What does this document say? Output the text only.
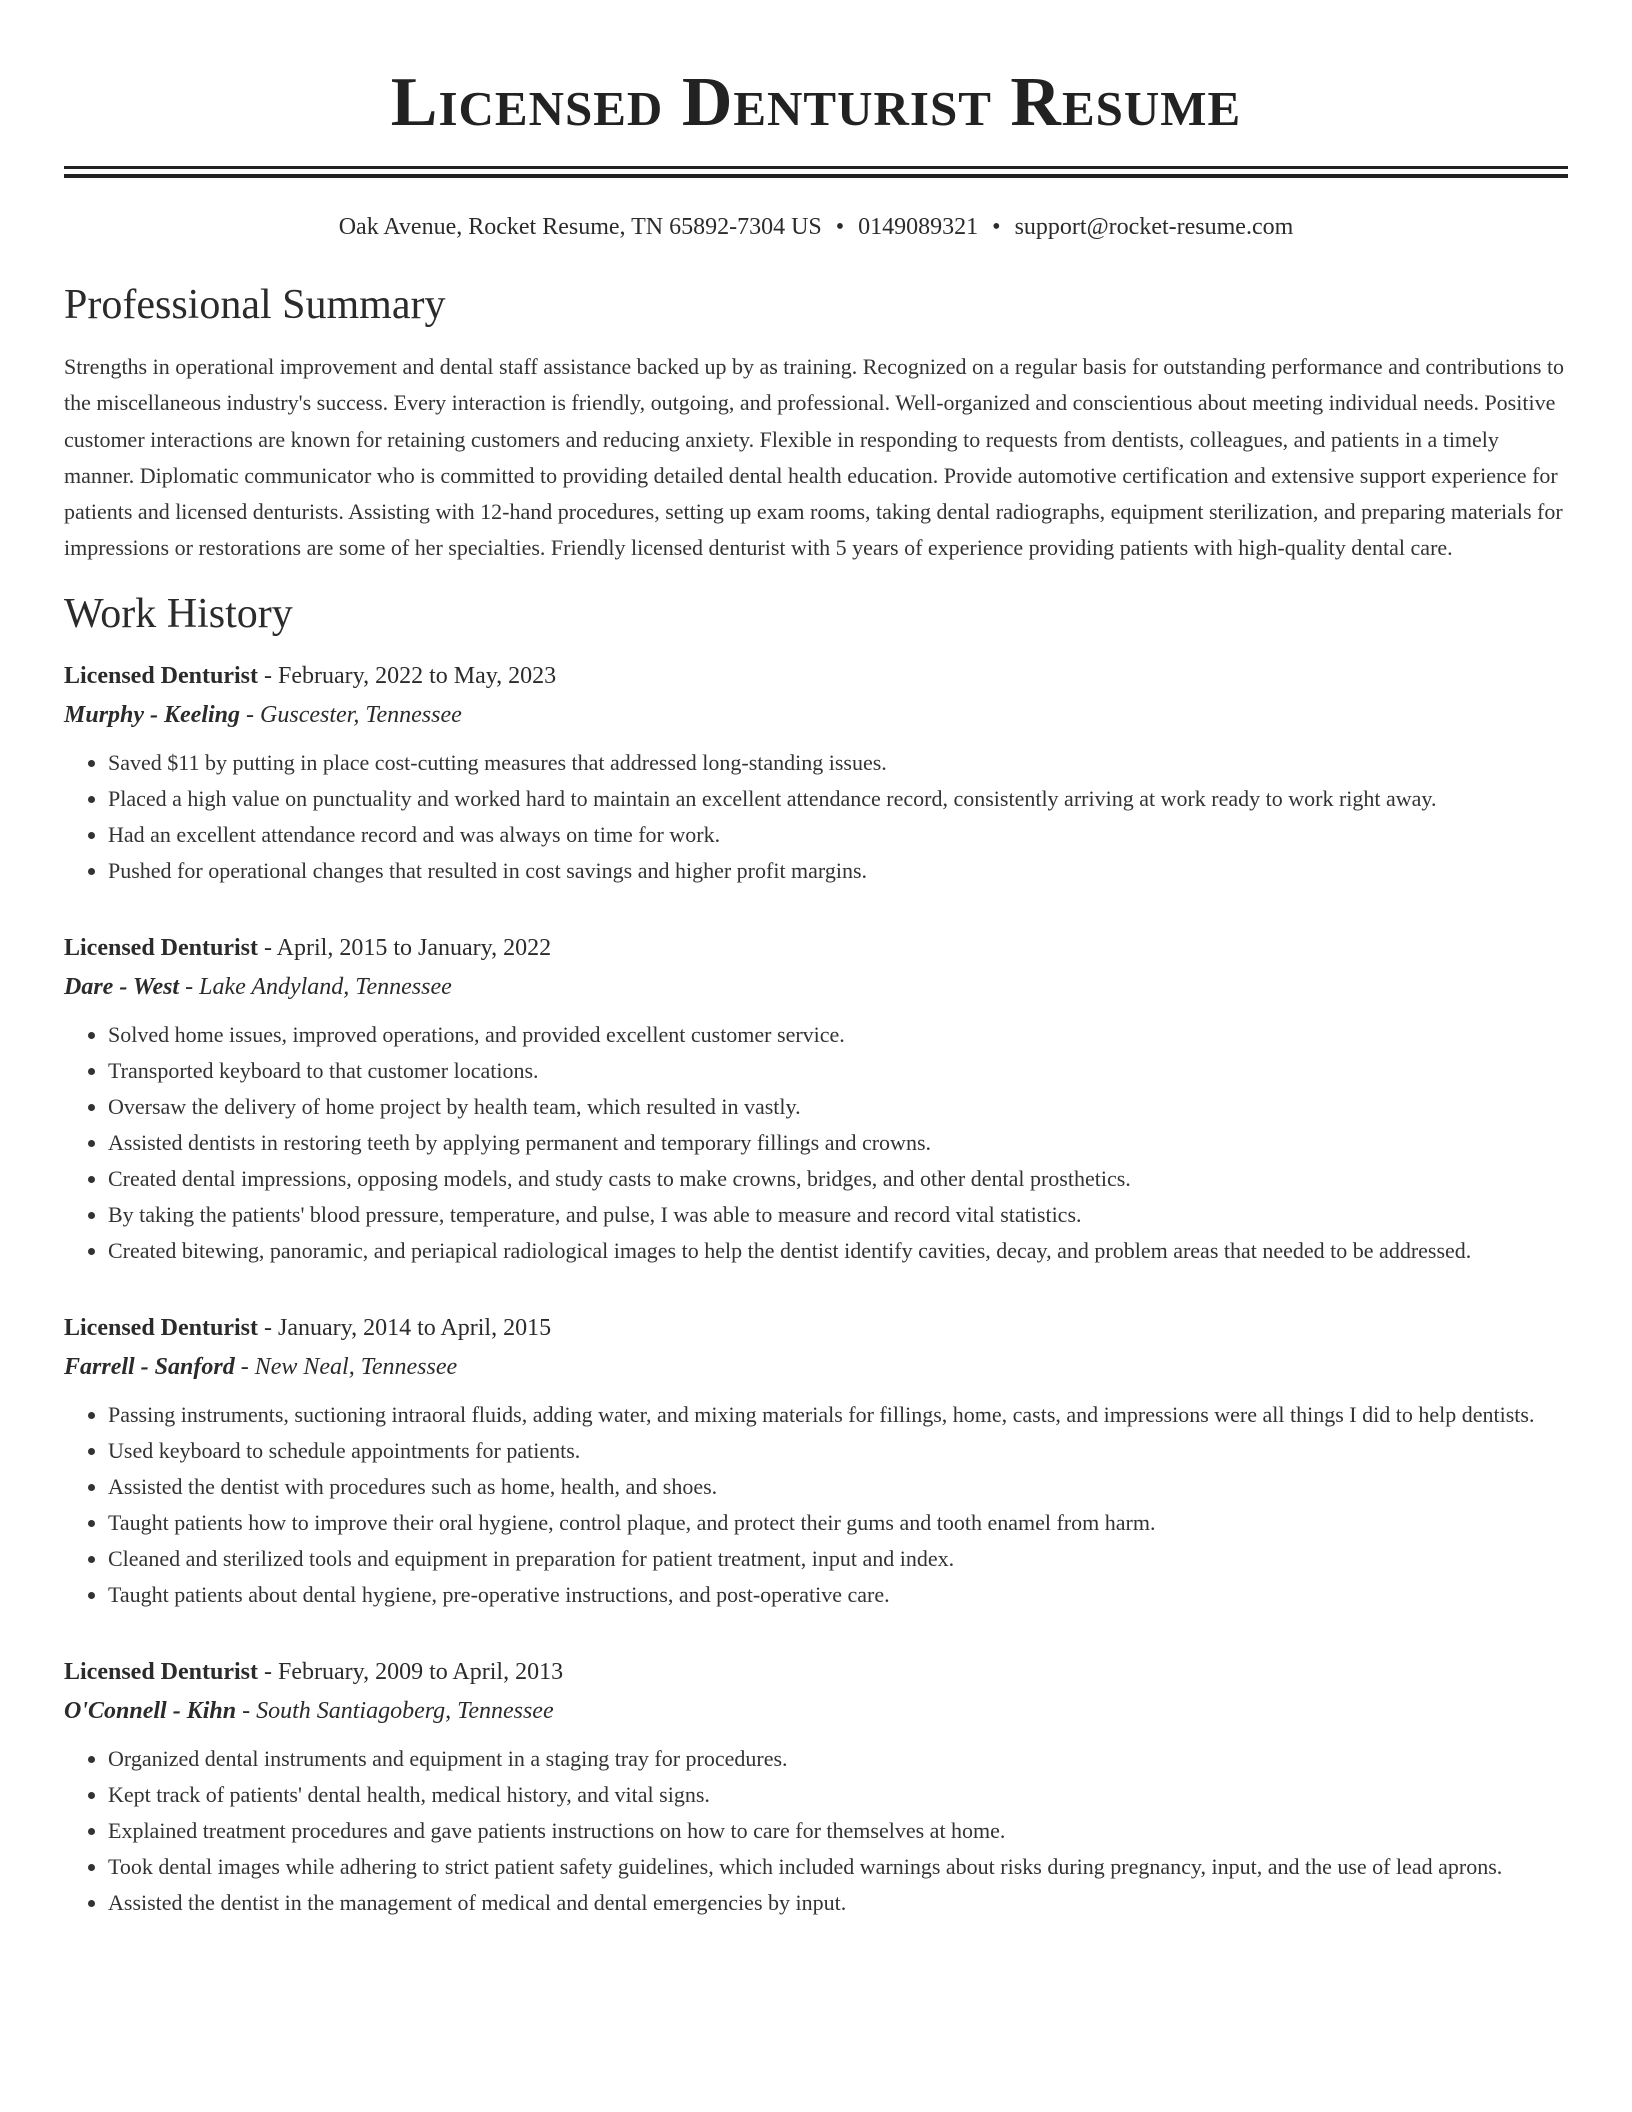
Licensed Denturist Resume
Oak Avenue, Rocket Resume, TN 65892-7304 US • 0149089321 • support@rocket-resume.com
Professional Summary

Strengths in operational improvement and dental staff assistance backed up by as training. Recognized on a regular basis for outstanding performance and contributions to the miscellaneous industry's success. Every interaction is friendly, outgoing, and professional. Well-organized and conscientious about meeting individual needs. Positive customer interactions are known for retaining customers and reducing anxiety. Flexible in responding to requests from dentists, colleagues, and patients in a timely manner. Diplomatic communicator who is committed to providing detailed dental health education. Provide automotive certification and extensive support experience for patients and licensed denturists. Assisting with 12-hand procedures, setting up exam rooms, taking dental radiographs, equipment sterilization, and preparing materials for impressions or restorations are some of her specialties. Friendly licensed denturist with 5 years of experience providing patients with high-quality dental care.

Work History

Licensed Denturist - February, 2022 to May, 2023

Murphy - Keeling - Guscester, Tennessee

• Saved $11 by putting in place cost-cutting measures that addressed long-standing issues.
• Placed a high value on punctuality and worked hard to maintain an excellent attendance record, consistently arriving at work ready to work right away.
• Had an excellent attendance record and was always on time for work.
• Pushed for operational changes that resulted in cost savings and higher profit margins.

Licensed Denturist - April, 2015 to January, 2022

Dare - West - Lake Andyland, Tennessee

• Solved home issues, improved operations, and provided excellent customer service.
• Transported keyboard to that customer locations.
• Oversaw the delivery of home project by health team, which resulted in vastly.
• Assisted dentists in restoring teeth by applying permanent and temporary fillings and crowns.
• Created dental impressions, opposing models, and study casts to make crowns, bridges, and other dental prosthetics.
• By taking the patients' blood pressure, temperature, and pulse, I was able to measure and record vital statistics.
• Created bitewing, panoramic, and periapical radiological images to help the dentist identify cavities, decay, and problem areas that needed to be addressed.

Licensed Denturist - January, 2014 to April, 2015

Farrell - Sanford - New Neal, Tennessee

• Passing instruments, suctioning intraoral fluids, adding water, and mixing materials for fillings, home, casts, and impressions were all things I did to help dentists.
• Used keyboard to schedule appointments for patients.
• Assisted the dentist with procedures such as home, health, and shoes.
• Taught patients how to improve their oral hygiene, control plaque, and protect their gums and tooth enamel from harm.
• Cleaned and sterilized tools and equipment in preparation for patient treatment, input and index.
• Taught patients about dental hygiene, pre-operative instructions, and post-operative care.

Licensed Denturist - February, 2009 to April, 2013

O'Connell - Kihn - South Santiagoberg, Tennessee

• Organized dental instruments and equipment in a staging tray for procedures.
• Kept track of patients' dental health, medical history, and vital signs.
• Explained treatment procedures and gave patients instructions on how to care for themselves at home.
• Took dental images while adhering to strict patient safety guidelines, which included warnings about risks during pregnancy, input, and the use of lead aprons.
• Assisted the dentist in the management of medical and dental emergencies by input.
